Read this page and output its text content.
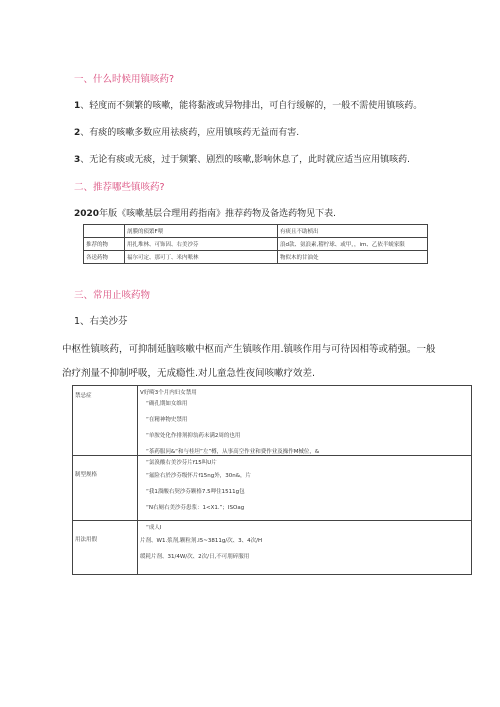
一、什么时候用镇咳药?
1、轻度而不频繁的咳嗽，能将黏液或异物排出，可自行缓解的，一般不需使用镇咳药。
2、有痰的咳嗽多数应用祛痰药，应用镇咳药无益而有害.
3、无论有痰或无痰，过于频繁、剧烈的咳嗽,影响休息了，此时就应适当应用镇咳药.
二、推荐哪些镇咳药?
2020年版《咳嗽基层合理用药指南》推荐药物及备选药物见下表.
	剖膜的侦繁F喂	有痰且不助桢出
推荐的物	用扎堆林、可饰因、右美沙芬	浪d款、氨浪素,稽柠球、或甲，，im、乙依半蜕家限
各送药物	福尔可定、那可丁、米内哌林	物似木的甘油处
三、常用止咳药物
1、右美沙芬
中枢性镇咳药，可抑制延脑咳嗽中枢而产生镇咳作用.镇咳作用与可待因相等或稍强。一般
治疗剂量不抑制呼吸，无成瘾性.对儿童急性夜间咳嗽疗效差.
禁忌症	V好畸3个月内妇女禁用
“确孔期如女维用
“在精神物史禁用
“单胺处化作排剂抑翁药未满2周的也用
“茶药服问&“和与桂坦”左”樽，从事高空作业和费作业及操作M械位，&

制型规格	“氯溴酸右美沙芬片f15叫U片
“氟险右於沙芬级怀片f15ng外，30n&，片
“我1溜酸右契沙芬颗格7.5呷住1511g包
“N右厕右美沙芬患浆：1<X1.”；ISOag

用法用假	“成人I
片剂、W1.浆剂,颗粒剂.l5~3811g/次、3、4次/H
缓耗片剂、31/4W/次、2次/日,不可朋碎服用
